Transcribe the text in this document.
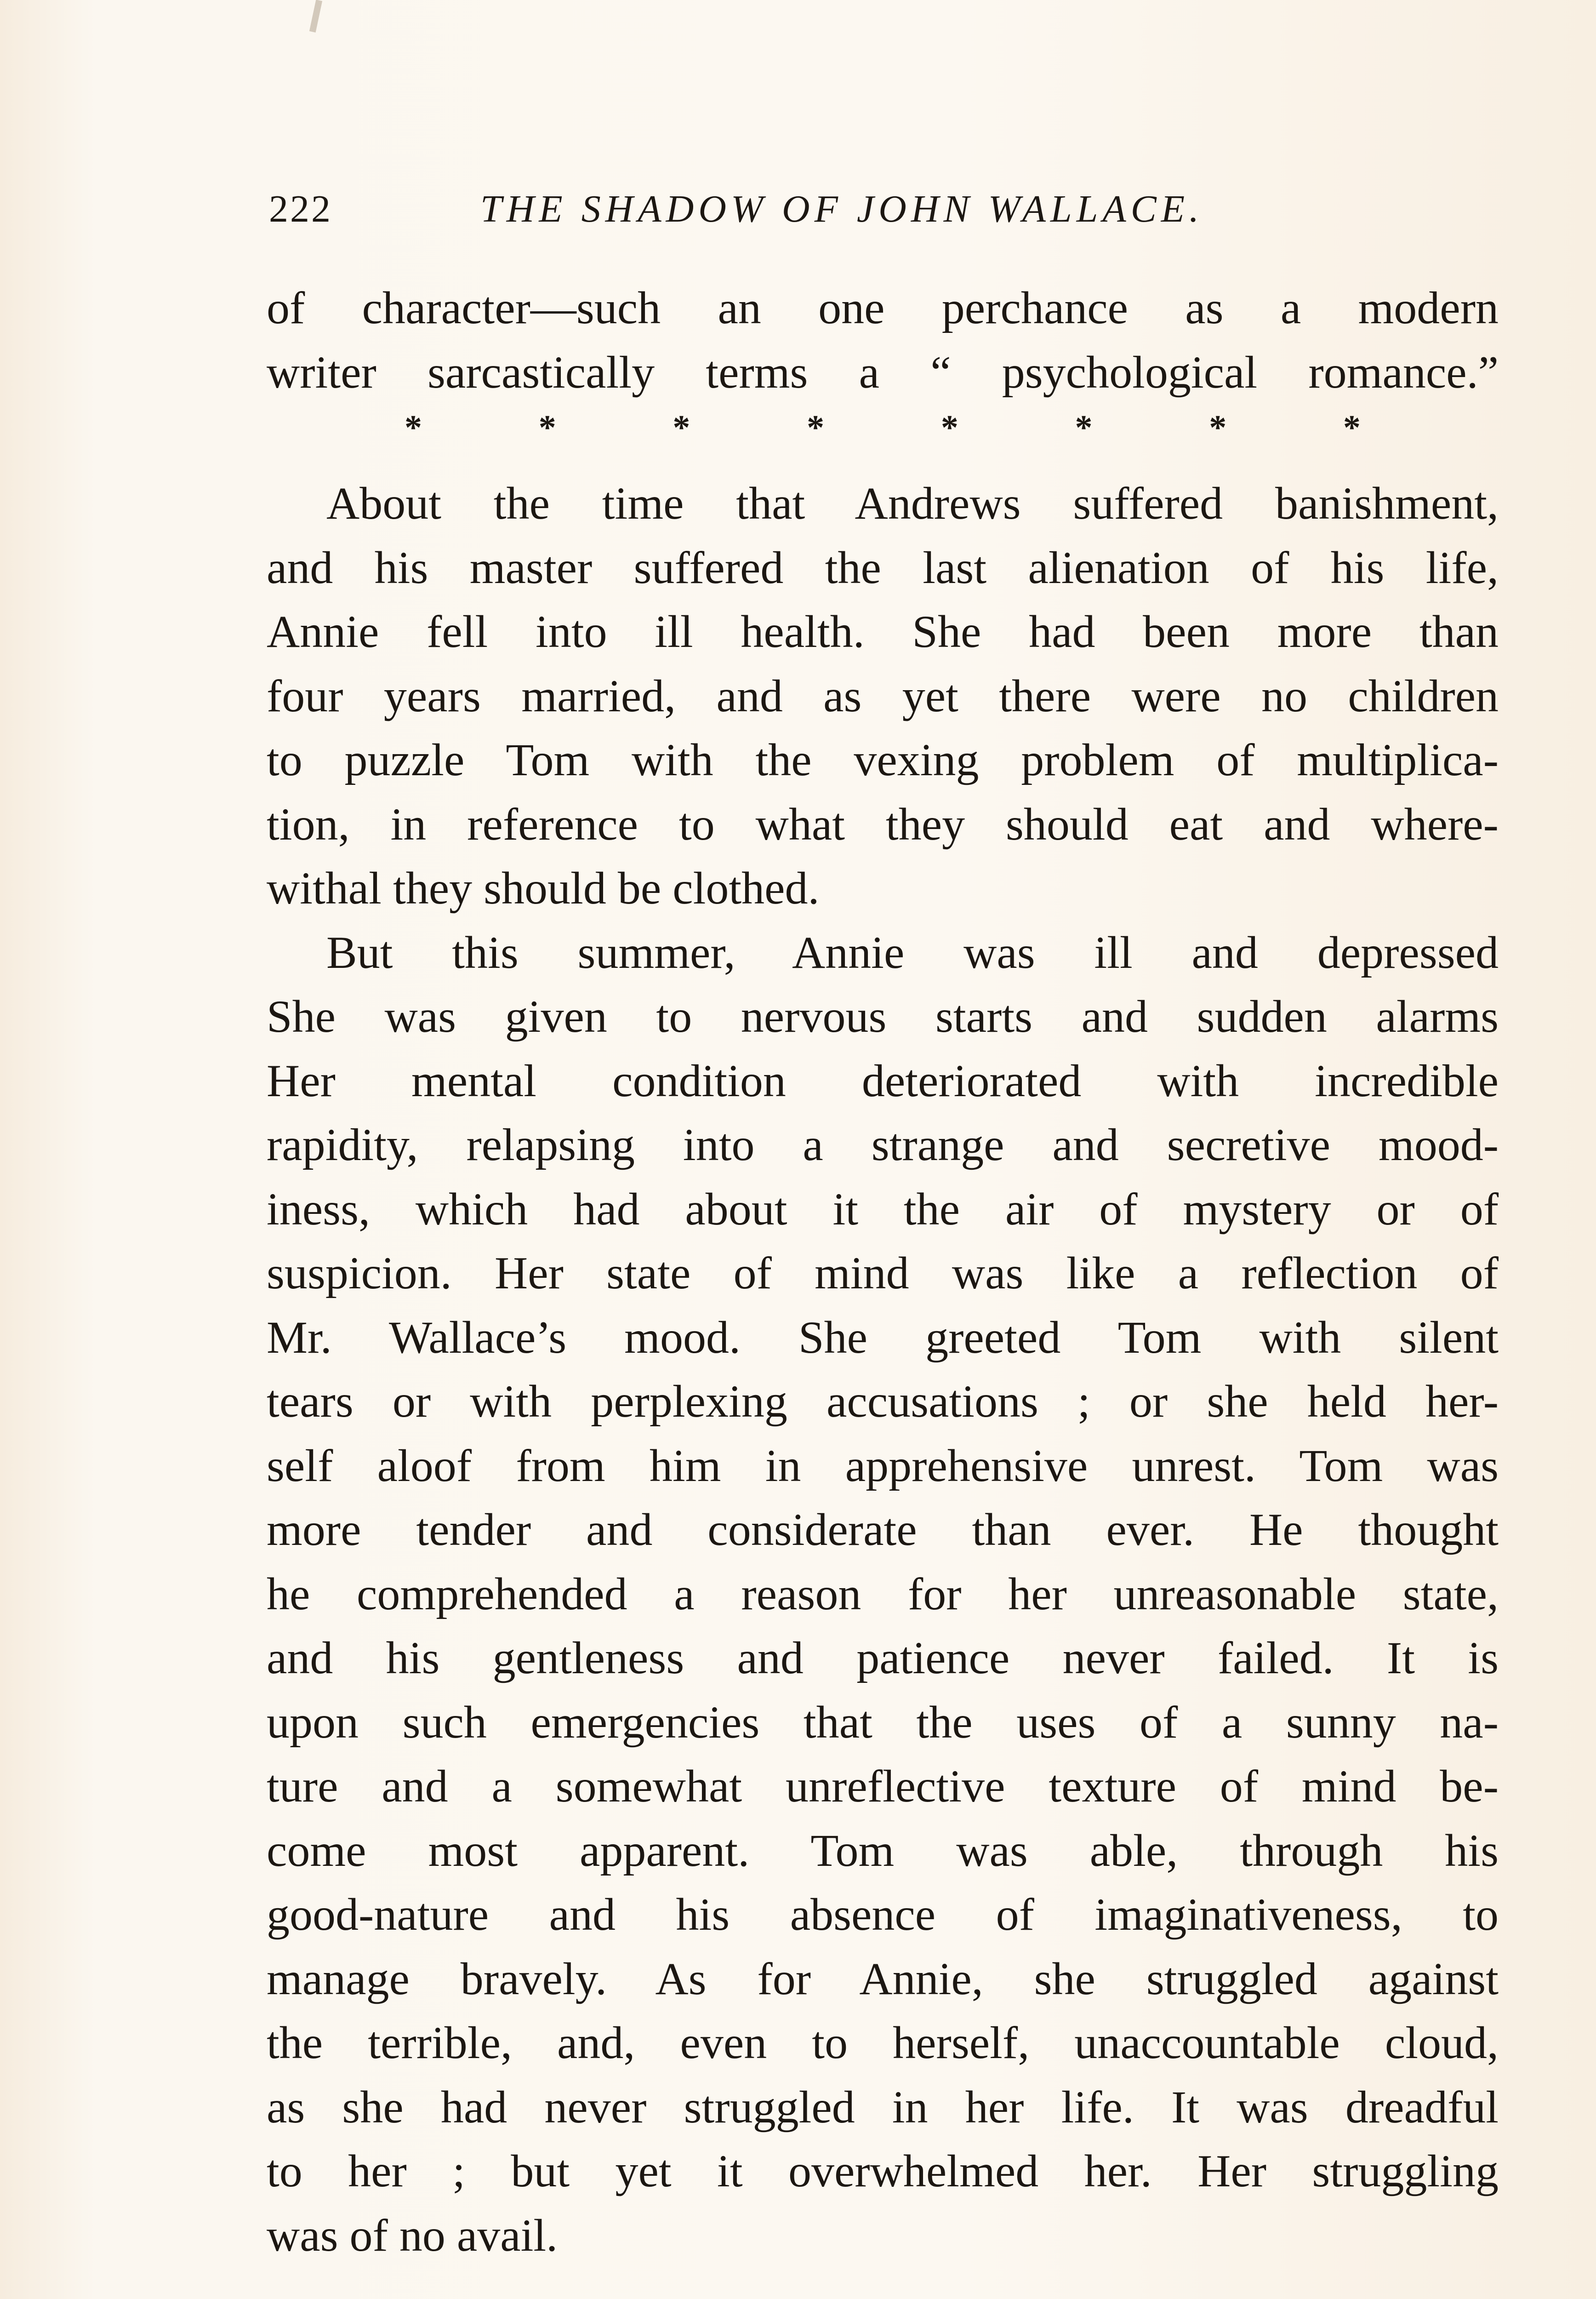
222	THE SHADOW OF JOHN WALLACE.
of character—such an one perchance as a modern
writer sarcastically terms a “ psychological romance.”
*	*	*	*	*	*	*	*
About the time that Andrews suffered banishment,
and his master suffered the last alienation of his life,
Annie fell into ill health. She had been more than
four years married, and as yet there were no children
to puzzle Tom with the vexing problem of multiplica-
tion, in reference to what they should eat and where-
withal they should be clothed.
But this summer, Annie was ill and depressed
She was given to nervous starts and sudden alarms
Her mental condition deteriorated with incredible
rapidity, relapsing into a strange and secretive mood-
iness, which had about it the air of mystery or of
suspicion. Her state of mind was like a reflection of
Mr. Wallace’s mood. She greeted Tom with silent
tears or with perplexing accusations ; or she held her-
self aloof from him in apprehensive unrest. Tom was
more tender and considerate than ever. He thought
he comprehended a reason for her unreasonable state,
and his gentleness and patience never failed. It is
upon such emergencies that the uses of a sunny na-
ture and a somewhat unreflective texture of mind be-
come most apparent. Tom was able, through his
good-nature and his absence of imaginativeness, to
manage bravely. As for Annie, she struggled against
the terrible, and, even to herself, unaccountable cloud,
as she had never struggled in her life. It was dreadful
to her ; but yet it overwhelmed her. Her struggling
was of no avail.
